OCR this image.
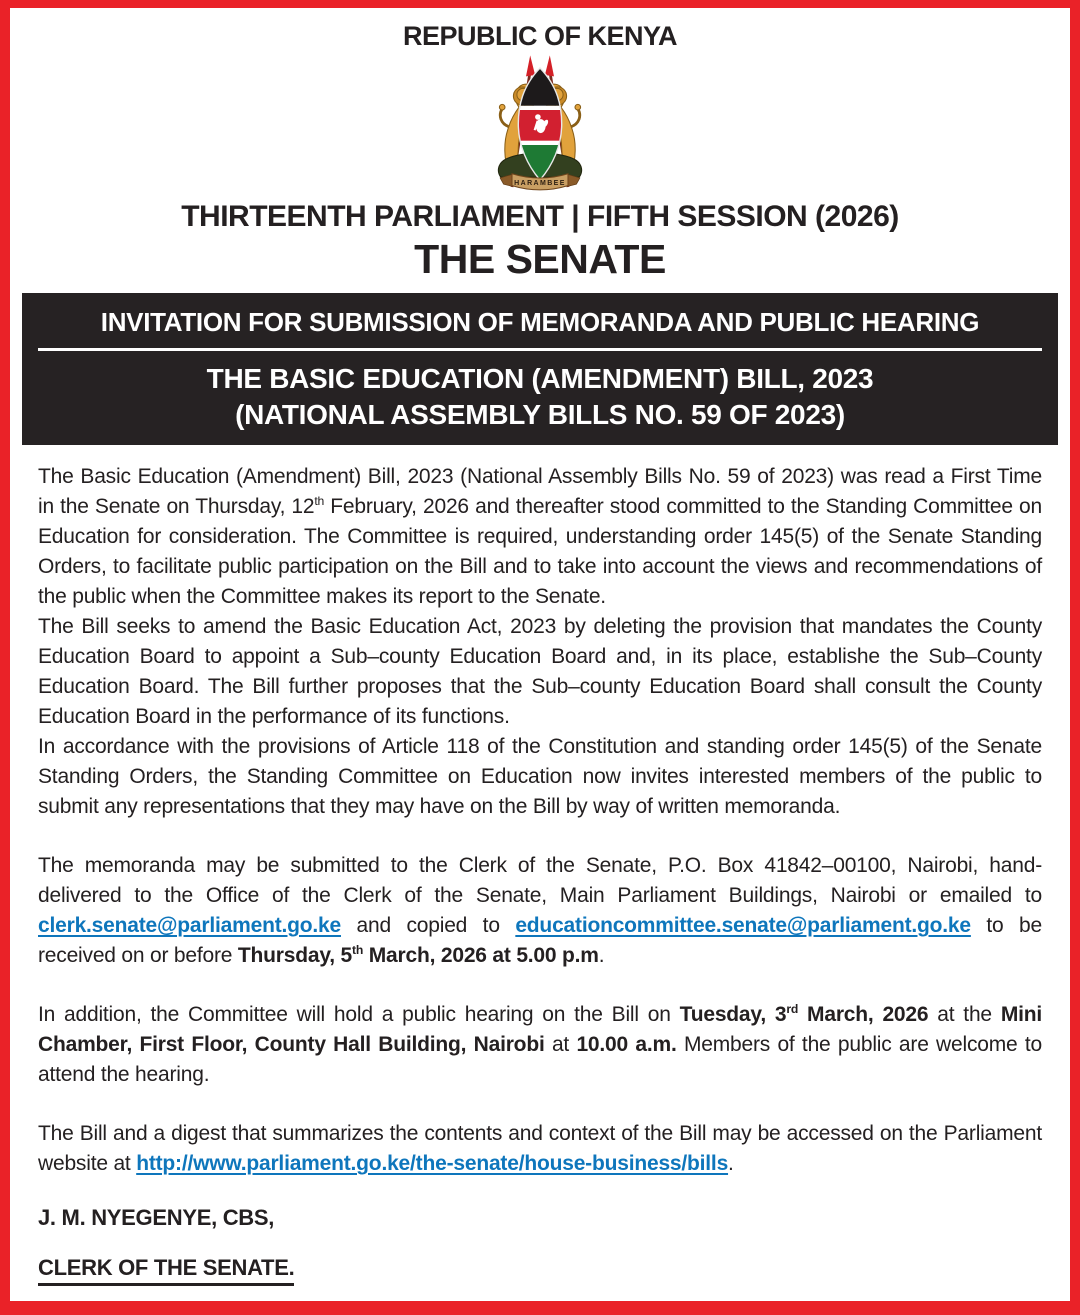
REPUBLIC OF KENYA
HARAMBEE
THIRTEENTH PARLIAMENT | FIFTH SESSION (2026)
THE SENATE
INVITATION FOR SUBMISSION OF MEMORANDA AND PUBLIC HEARING
THE BASIC EDUCATION (AMENDMENT) BILL, 2023
(NATIONAL ASSEMBLY BILLS NO. 59 OF 2023)

The Basic Education (Amendment) Bill, 2023 (National Assembly Bills No. 59 of 2023) was read a First Time in the Senate on Thursday, 12th February, 2026 and thereafter stood committed to the Standing Committee on Education for consideration. The Committee is required, understanding order 145(5) of the Senate Standing Orders, to facilitate public participation on the Bill and to take into account the views and recommendations of the public when the Committee makes its report to the Senate.

The Bill seeks to amend the Basic Education Act, 2023 by deleting the provision that mandates the County Education Board to appoint a Sub–county Education Board and, in its place, establishe the Sub–County Education Board. The Bill further proposes that the Sub–county Education Board shall consult the County Education Board in the performance of its functions.

In accordance with the provisions of Article 118 of the Constitution and standing order 145(5) of the Senate Standing Orders, the Standing Committee on Education now invites interested members of the public to submit any representations that they may have on the Bill by way of written memoranda.

The memoranda may be submitted to the Clerk of the Senate, P.O. Box 41842–00100, Nairobi, hand-delivered to the Office of the Clerk of the Senate, Main Parliament Buildings, Nairobi or emailed to clerk.senate@parliament.go.ke and copied to educationcommittee.senate@parliament.go.ke to be received on or before Thursday, 5th March, 2026 at 5.00 p.m.

In addition, the Committee will hold a public hearing on the Bill on Tuesday, 3rd March, 2026 at the Mini Chamber, First Floor, County Hall Building, Nairobi at 10.00 a.m. Members of the public are welcome to attend the hearing.

The Bill and a digest that summarizes the contents and context of the Bill may be accessed on the Parliament website at http://www.parliament.go.ke/the-senate/house-business/bills.

J. M. NYEGENYE, CBS,

CLERK OF THE SENATE.
